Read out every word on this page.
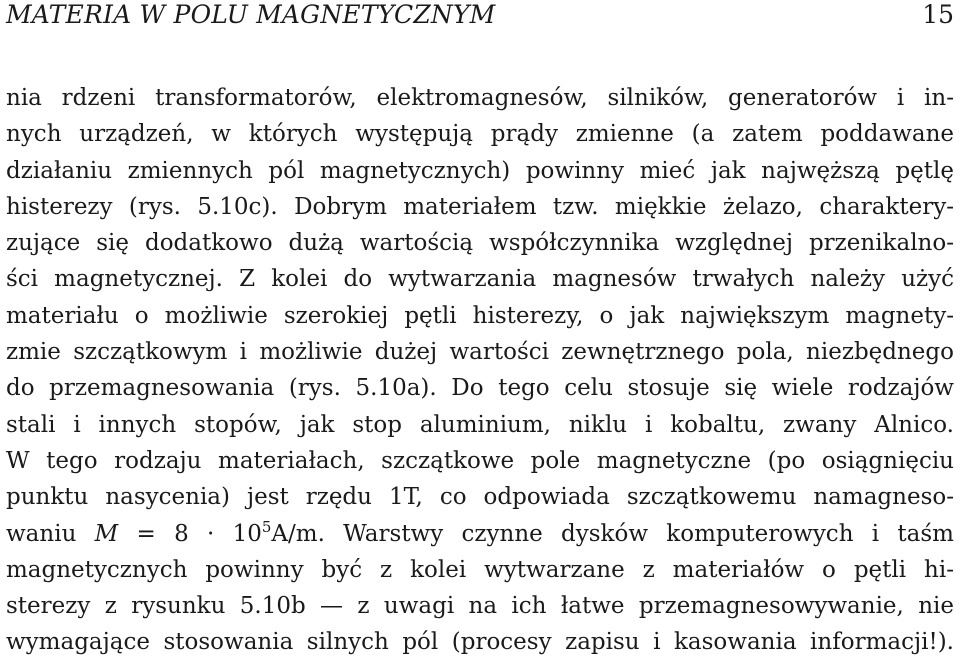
MATERIA W POLU MAGNETYCZNYM	15
nia rdzeni transformatorów, elektromagnesów, silników, generatorów i in-
nych urządzeń, w których występują prądy zmienne (a zatem poddawane
działaniu zmiennych pól magnetycznych) powinny mieć jak najwęższą pętlę
histerezy (rys. 5.10c). Dobrym materiałem tzw. miękkie żelazo, charaktery-
zujące się dodatkowo dużą wartością współczynnika względnej przenikalno-
ści magnetycznej. Z kolei do wytwarzania magnesów trwałych należy użyć
materiału o możliwie szerokiej pętli histerezy, o jak największym magnety-
zmie szczątkowym i możliwie dużej wartości zewnętrznego pola, niezbędnego
do przemagnesowania (rys. 5.10a). Do tego celu stosuje się wiele rodzajów
stali i innych stopów, jak stop aluminium, niklu i kobaltu, zwany Alnico.
W tego rodzaju materiałach, szczątkowe pole magnetyczne (po osiągnięciu
punktu nasycenia) jest rzędu 1T, co odpowiada szczątkowemu namagneso-
waniu $M = 8 \cdot 10^5A/m$. Warstwy czynne dysków komputerowych i taśm
magnetycznych powinny być z kolei wytwarzane z materiałów o pętli hi-
sterezy z rysunku 5.10b — z uwagi na ich łatwe przemagnesowywanie, nie
wymagające stosowania silnych pól (procesy zapisu i kasowania informacji!).
